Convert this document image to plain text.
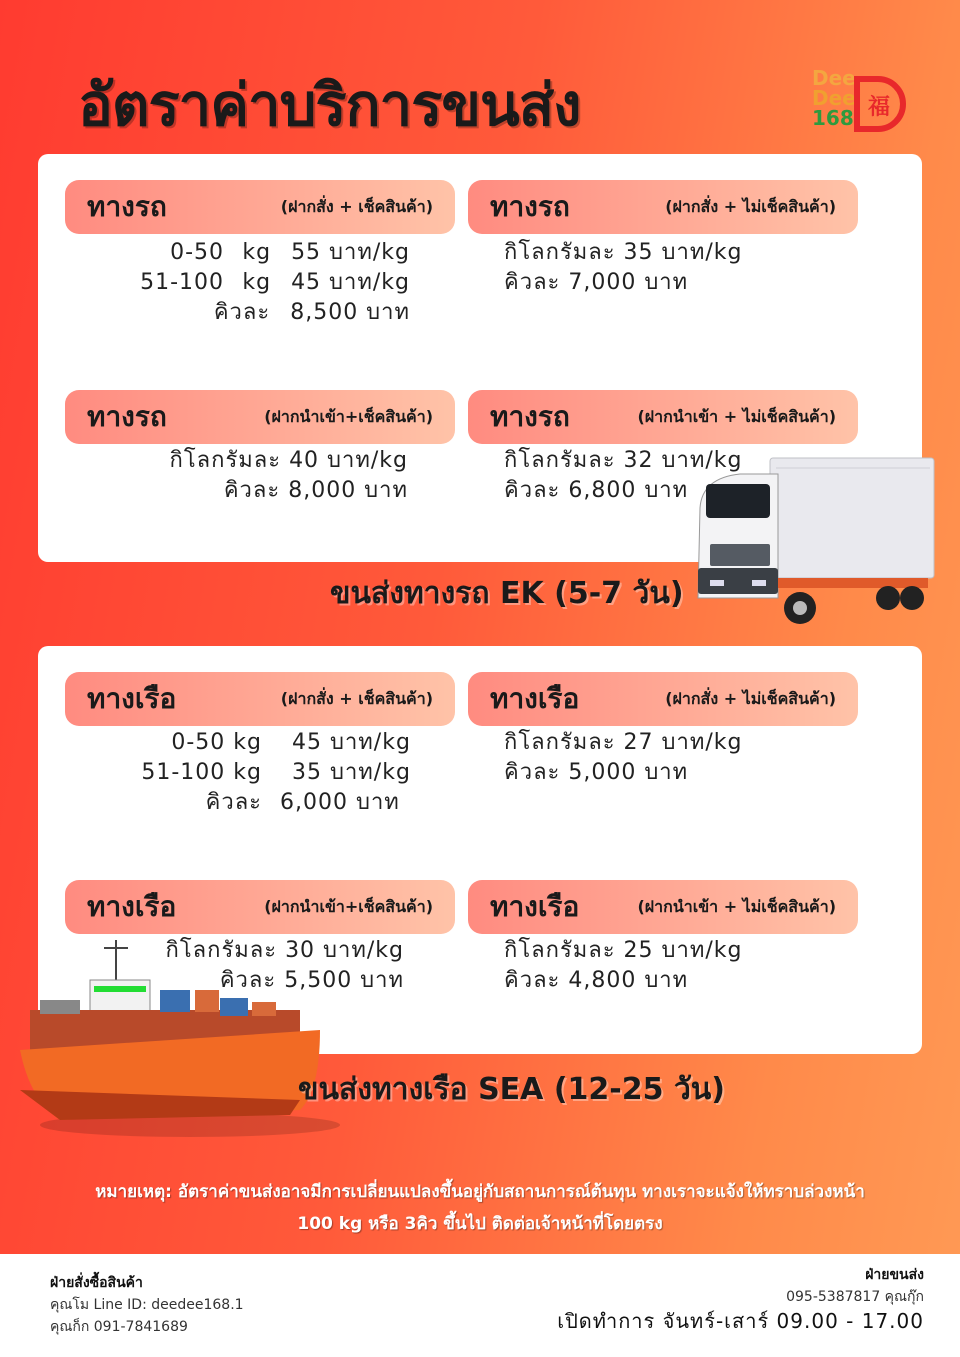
อัตราค่าบริการขนส่ง	Dee
Dee
168 福
ทางรถ	(ฝากสั่ง + เช็คสินค้า)
0-50 kg 55 บาท/kg
51-100 kg 45 บาท/kg
คิวละ 8,500 บาท
ทางรถ	(ฝากสั่ง + ไม่เช็คสินค้า)
กิโลกรัมละ 35 บาท/kg
คิวละ 7,000 บาท
ทางรถ	(ฝากนำเข้า+เช็คสินค้า)
กิโลกรัมละ 40 บาท/kg
คิวละ 8,000 บาท
ทางรถ	(ฝากนำเข้า + ไม่เช็คสินค้า)
กิโลกรัมละ 32 บาท/kg
คิวละ 6,800 บาท
ขนส่งทางรถ EK (5-7 วัน)
ทางเรือ	(ฝากสั่ง + เช็คสินค้า)
0-50 kg 45 บาท/kg
51-100 kg 35 บาท/kg
คิวละ 6,000 บาท
ทางเรือ	(ฝากสั่ง + ไม่เช็คสินค้า)
กิโลกรัมละ 27 บาท/kg
คิวละ 5,000 บาท
ทางเรือ	(ฝากนำเข้า+เช็คสินค้า)
กิโลกรัมละ 30 บาท/kg
คิวละ 5,500 บาท
ทางเรือ	(ฝากนำเข้า + ไม่เช็คสินค้า)
กิโลกรัมละ 25 บาท/kg
คิวละ 4,800 บาท
ขนส่งทางเรือ SEA (12-25 วัน)
หมายเหตุ: อัตราค่าขนส่งอาจมีการเปลี่ยนแปลงขึ้นอยู่กับสถานการณ์ต้นทุน ทางเราจะแจ้งให้ทราบล่วงหน้า
100 kg หรือ 3คิว ขึ้นไป ติดต่อเจ้าหน้าที่โดยตรง
ฝ่ายสั่งซื้อสินค้า
คุณโม Line ID: deedee168.1
คุณก็ก 091-7841689
ฝ่ายขนส่ง
095-5387817 คุณกุ๊ก
เปิดทำการ จันทร์-เสาร์ 09.00 - 17.00
